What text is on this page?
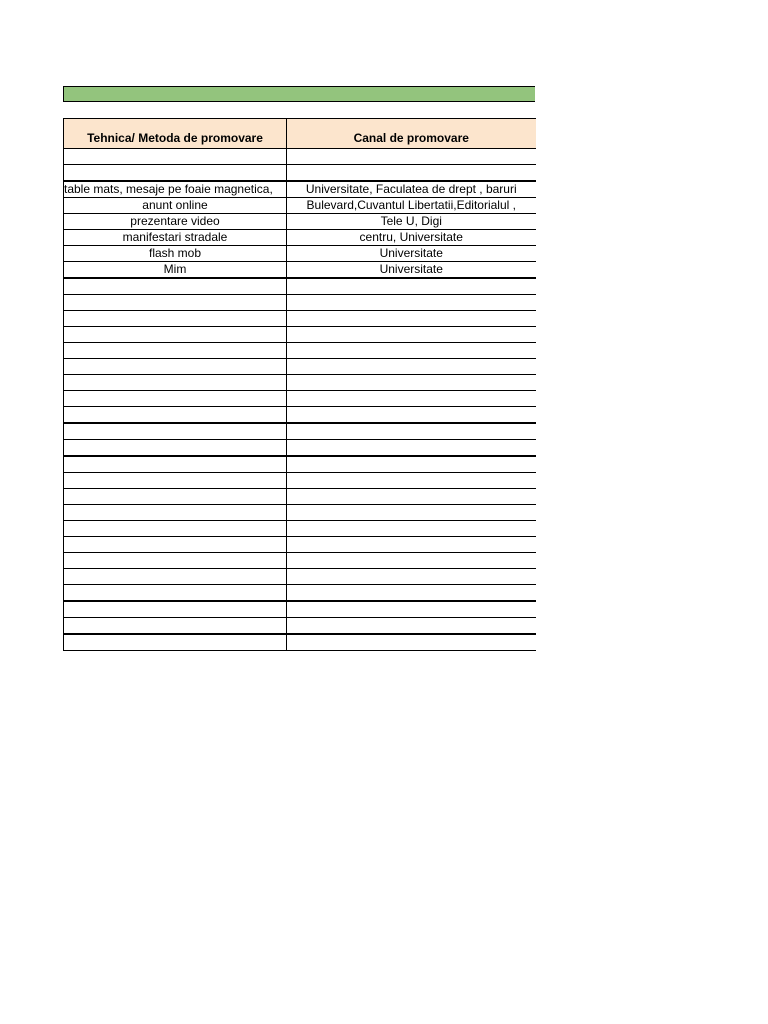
Tehnica/ Metoda de promovare	Canal de promovare

table mats, mesaje pe foaie magnetica,	Universitate, Faculatea de drept , baruri
anunt online	Bulevard,Cuvantul Libertatii,Editorialul ,
prezentare video	Tele U, Digi
manifestari stradale	centru, Universitate
flash mob	Universitate
Mim	Universitate
